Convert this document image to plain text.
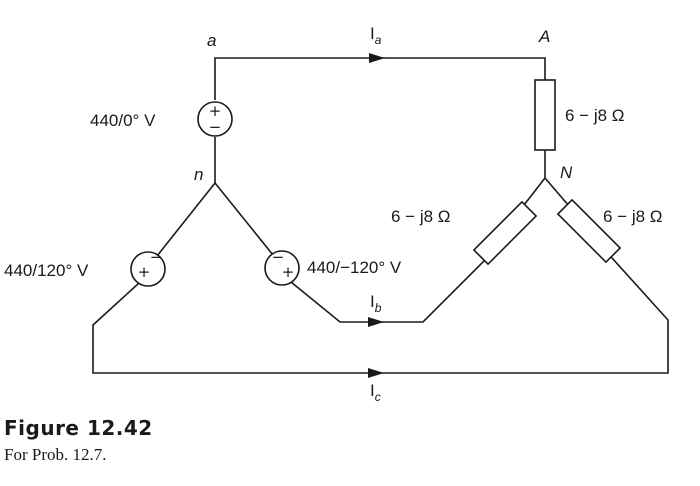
+
−
+
−	−
+
a	A
n	N
$I_a$
$I_b$
$I_c$
440/0° V
440/120° V	440/−120° V
6 − j8 Ω
6 − j8 Ω	6 − j8 Ω
Figure 12.42
For Prob. 12.7.
